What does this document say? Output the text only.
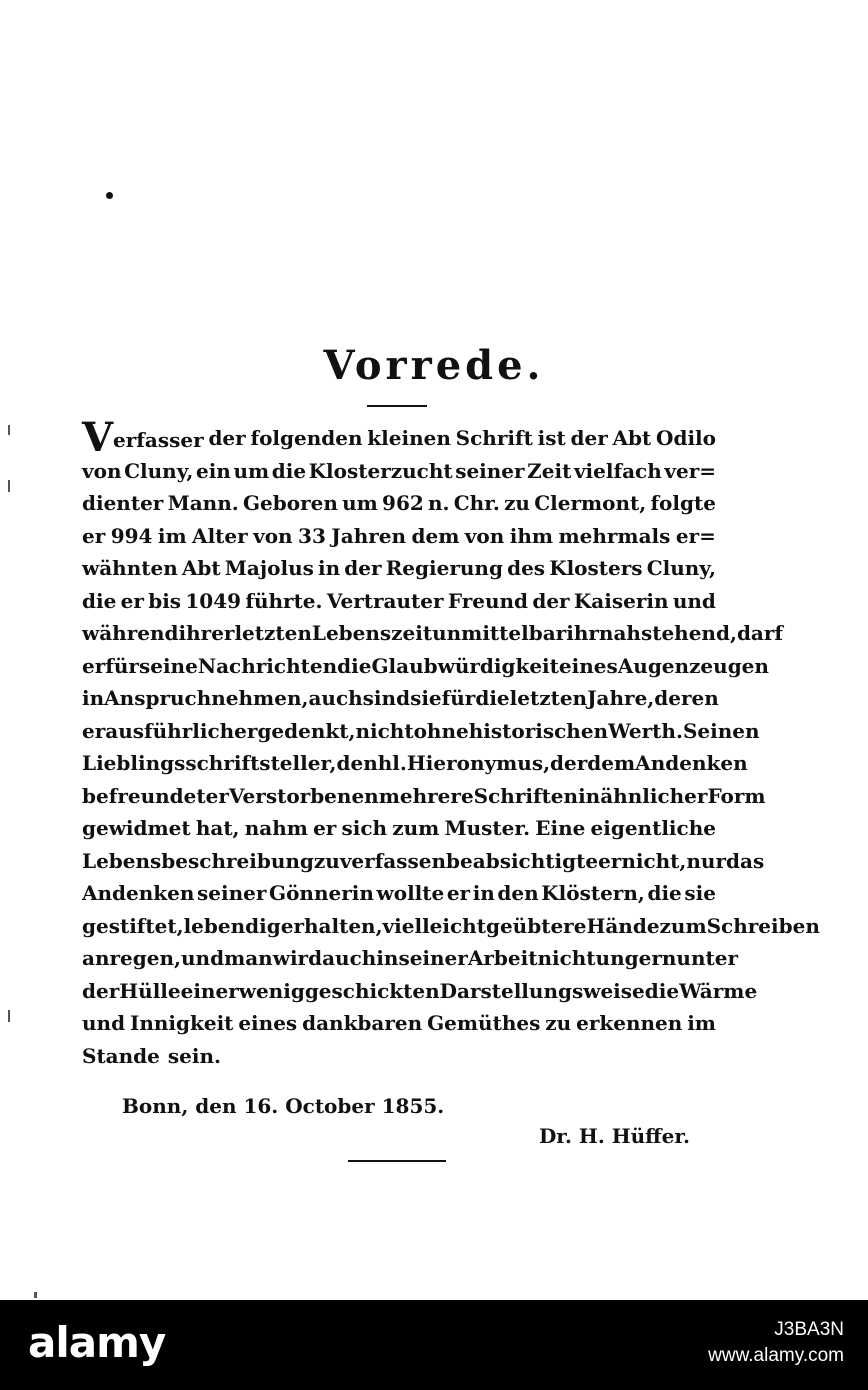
Vorrede.
Verfasser der folgenden kleinen Schrift ist der Abt Odilo
von Cluny, ein um die Klosterzucht seiner Zeit vielfach ver=
dienter Mann. Geboren um 962 n. Chr. zu Clermont, folgte
er 994 im Alter von 33 Jahren dem von ihm mehrmals er=
wähnten Abt Majolus in der Regierung des Klosters Cluny,
die er bis 1049 führte. Vertrauter Freund der Kaiserin und
während ihrer letzten Lebenszeit unmittelbar ihr nahstehend, darf
er für seine Nachrichten die Glaubwürdigkeit eines Augenzeugen
in Anspruch nehmen, auch sind sie für die letzten Jahre, deren
er ausführlicher gedenkt, nicht ohne historischen Werth. Seinen
Lieblingsschriftsteller, den hl. Hieronymus, der dem Andenken
befreundeter Verstorbenen mehrere Schriften in ähnlicher Form
gewidmet hat, nahm er sich zum Muster. Eine eigentliche
Lebensbeschreibung zu verfassen beabsichtigte er nicht, nur das
Andenken seiner Gönnerin wollte er in den Klöstern, die sie
gestiftet, lebendig erhalten, vielleicht geübtere Hände zum Schreiben
anregen, und man wird auch in seiner Arbeit nicht ungern unter
der Hülle einer wenig geschickten Darstellungsweise die Wärme
und Innigkeit eines dankbaren Gemüthes zu erkennen im
Stande sein.
Bonn, den 16. October 1855.
Dr. H. Hüffer.
alamy	J3BA3N
www.alamy.com
